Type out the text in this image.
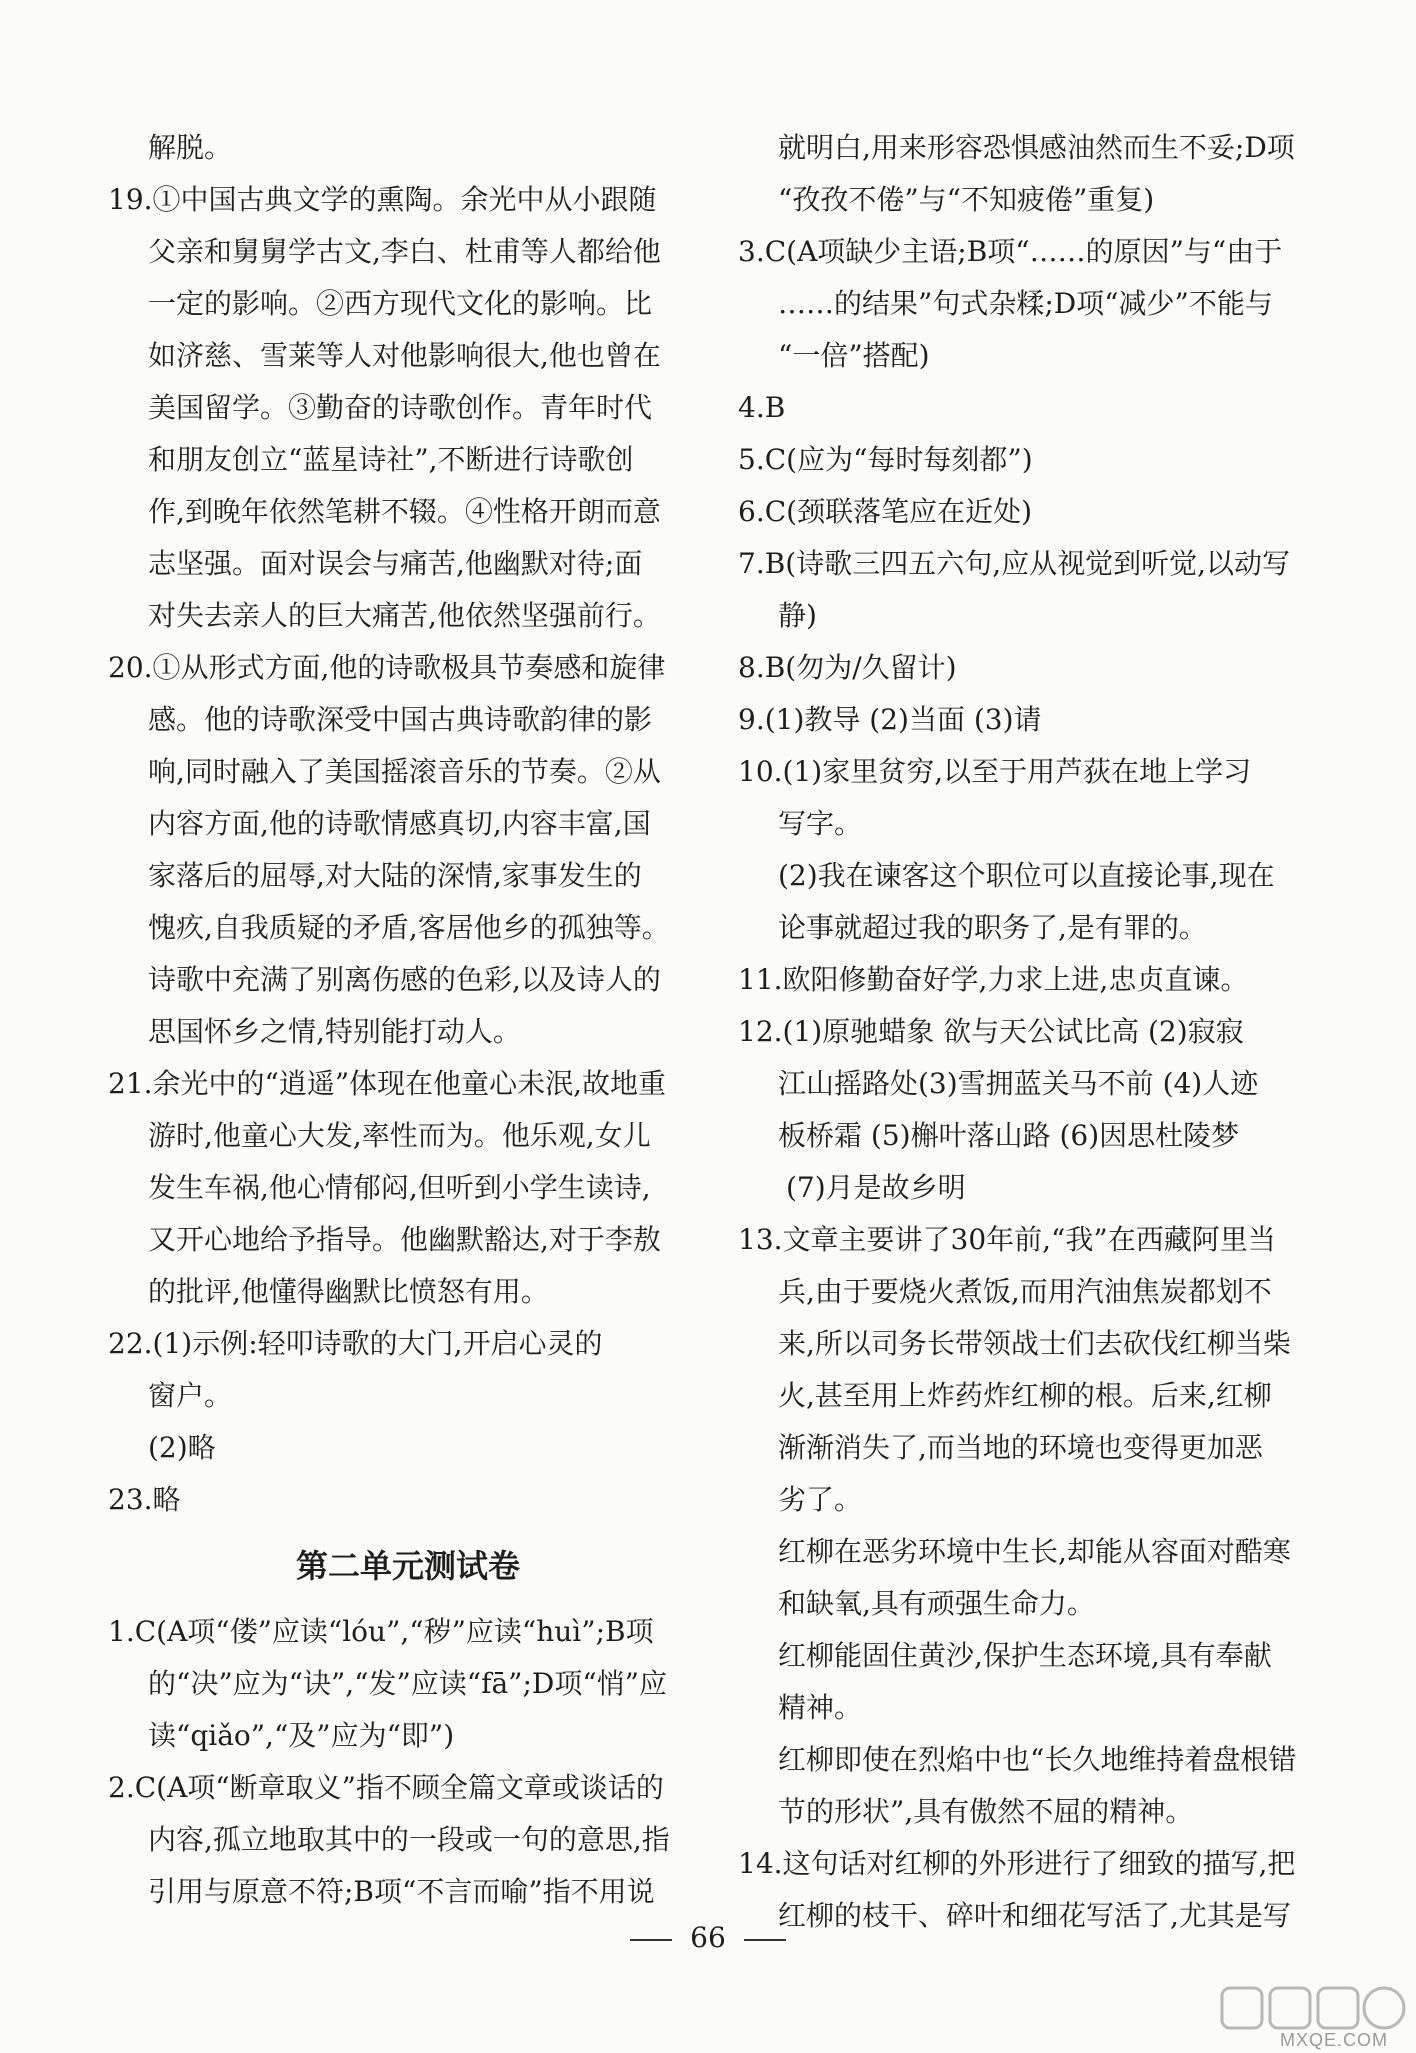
解脱。
19.①中国古典文学的熏陶。余光中从小跟随
父亲和舅舅学古文,李白、杜甫等人都给他
一定的影响。②西方现代文化的影响。比
如济慈、雪莱等人对他影响很大,他也曾在
美国留学。③勤奋的诗歌创作。青年时代
和朋友创立“蓝星诗社”,不断进行诗歌创
作,到晚年依然笔耕不辍。④性格开朗而意
志坚强。面对误会与痛苦,他幽默对待;面
对失去亲人的巨大痛苦,他依然坚强前行。
20.①从形式方面,他的诗歌极具节奏感和旋律
感。他的诗歌深受中国古典诗歌韵律的影
响,同时融入了美国摇滚音乐的节奏。②从
内容方面,他的诗歌情感真切,内容丰富,国
家落后的屈辱,对大陆的深情,家事发生的
愧疚,自我质疑的矛盾,客居他乡的孤独等。
诗歌中充满了别离伤感的色彩,以及诗人的
思国怀乡之情,特别能打动人。
21.余光中的“逍遥”体现在他童心未泯,故地重
游时,他童心大发,率性而为。他乐观,女儿
发生车祸,他心情郁闷,但听到小学生读诗,
又开心地给予指导。他幽默豁达,对于李敖
的批评,他懂得幽默比愤怒有用。
22.(1)示例:轻叩诗歌的大门,开启心灵的
窗户。
(2)略
23.略
第二单元测试卷
1.C(A项“偻”应读“lóu”,“秽”应读“huì”;B项
的“决”应为“诀”,“发”应读“fā”;D项“悄”应
读“qiǎo”,“及”应为“即”)
2.C(A项“断章取义”指不顾全篇文章或谈话的
内容,孤立地取其中的一段或一句的意思,指
引用与原意不符;B项“不言而喻”指不用说
就明白,用来形容恐惧感油然而生不妥;D项
“孜孜不倦”与“不知疲倦”重复)
3.C(A项缺少主语;B项“……的原因”与“由于
……的结果”句式杂糅;D项“减少”不能与
“一倍”搭配)
4.B
5.C(应为“每时每刻都”)
6.C(颈联落笔应在近处)
7.B(诗歌三四五六句,应从视觉到听觉,以动写
静)
8.B(勿为/久留计)
9.(1)教导 (2)当面 (3)请
10.(1)家里贫穷,以至于用芦荻在地上学习
写字。
(2)我在谏客这个职位可以直接论事,现在
论事就超过我的职务了,是有罪的。
11.欧阳修勤奋好学,力求上进,忠贞直谏。
12.(1)原驰蜡象 欲与天公试比高 (2)寂寂
江山摇路处(3)雪拥蓝关马不前 (4)人迹
板桥霜 (5)槲叶落山路 (6)因思杜陵梦
(7)月是故乡明
13.文章主要讲了30年前,“我”在西藏阿里当
兵,由于要烧火煮饭,而用汽油焦炭都划不
来,所以司务长带领战士们去砍伐红柳当柴
火,甚至用上炸药炸红柳的根。后来,红柳
渐渐消失了,而当地的环境也变得更加恶
劣了。
红柳在恶劣环境中生长,却能从容面对酷寒
和缺氧,具有顽强生命力。
红柳能固住黄沙,保护生态环境,具有奉献
精神。
红柳即使在烈焰中也“长久地维持着盘根错
节的形状”,具有傲然不屈的精神。
14.这句话对红柳的外形进行了细致的描写,把
红柳的枝干、碎叶和细花写活了,尤其是写
66
MXQE.COM
